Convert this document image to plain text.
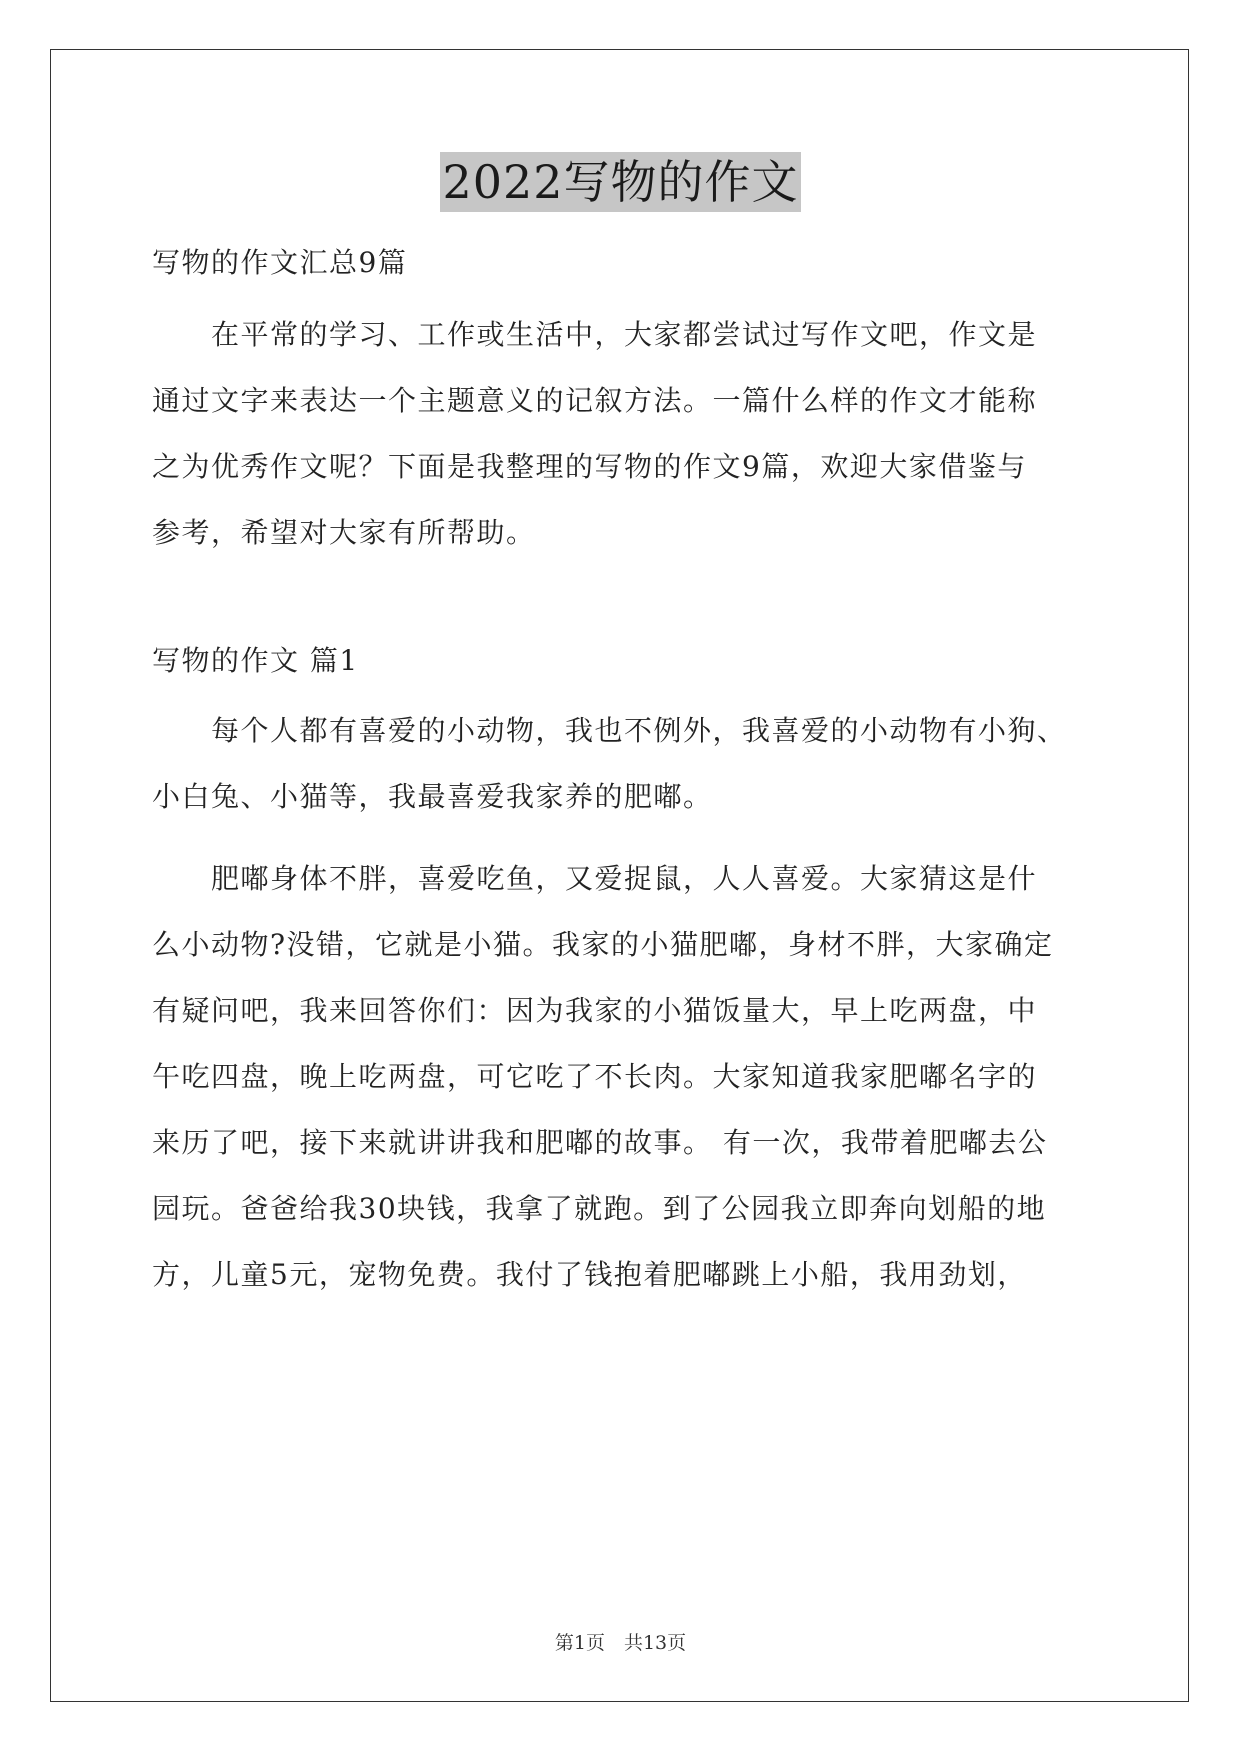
2022写物的作文
写物的作文汇总9篇
　　在平常的学习、工作或生活中，大家都尝试过写作文吧，作文是
通过文字来表达一个主题意义的记叙方法。一篇什么样的作文才能称
之为优秀作文呢？下面是我整理的写物的作文9篇，欢迎大家借鉴与
参考，希望对大家有所帮助。
写物的作文 篇1
　　每个人都有喜爱的小动物，我也不例外，我喜爱的小动物有小狗、
小白兔、小猫等，我最喜爱我家养的肥嘟。
　　肥嘟身体不胖，喜爱吃鱼，又爱捉鼠，人人喜爱。大家猜这是什
么小动物?没错，它就是小猫。我家的小猫肥嘟，身材不胖，大家确定
有疑问吧，我来回答你们：因为我家的小猫饭量大，早上吃两盘，中
午吃四盘，晚上吃两盘，可它吃了不长肉。大家知道我家肥嘟名字的
来历了吧，接下来就讲讲我和肥嘟的故事。 有一次，我带着肥嘟去公
园玩。爸爸给我30块钱，我拿了就跑。到了公园我立即奔向划船的地
方，儿童5元，宠物免费。我付了钱抱着肥嘟跳上小船，我用劲划，
第1页　共13页
